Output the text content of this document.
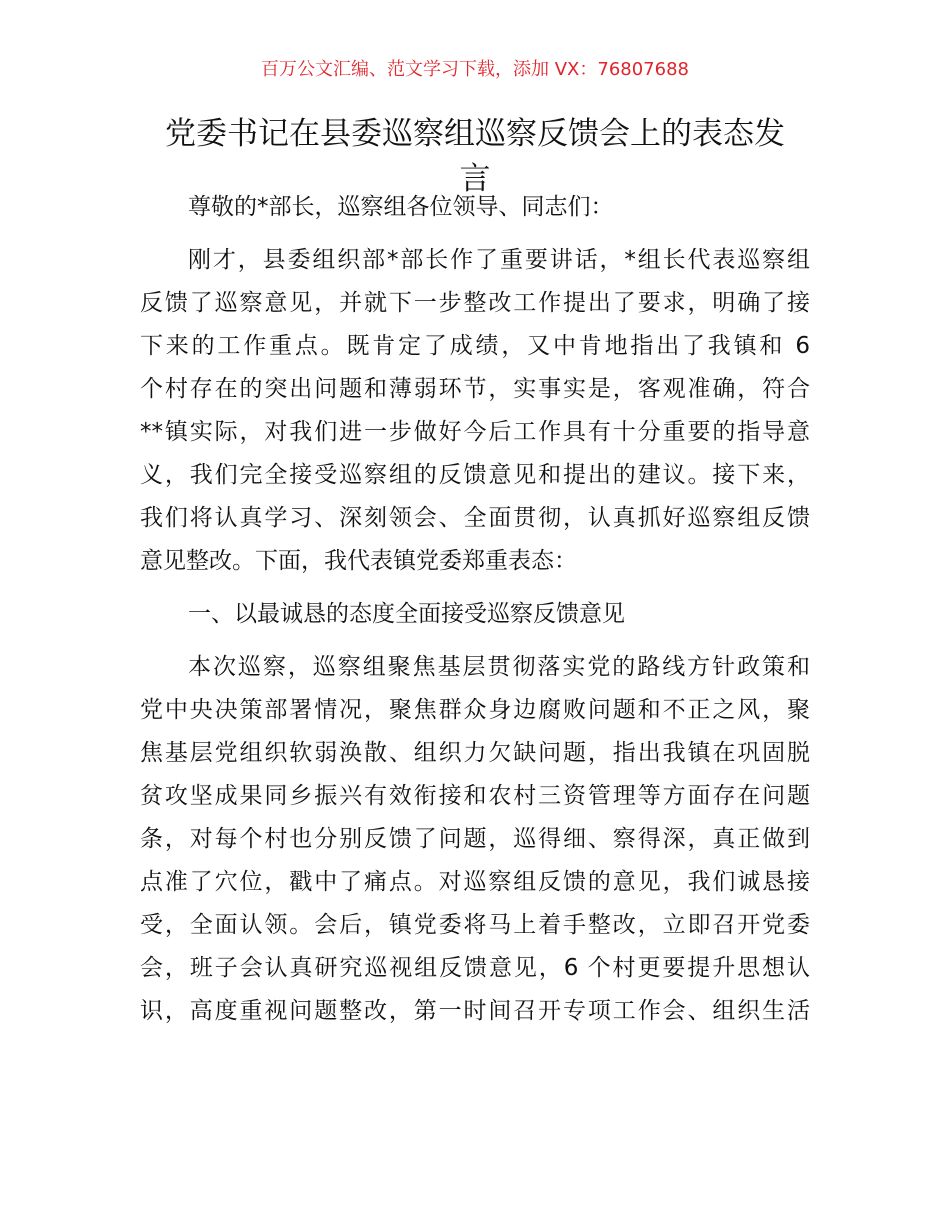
百万公文汇编、范文学习下载，添加 VX：76807688
党委书记在县委巡察组巡察反馈会上的表态发
言
尊敬的*部长，巡察组各位领导、同志们：
刚才，县委组织部*部长作了重要讲话，*组长代表巡察组
反馈了巡察意见，并就下一步整改工作提出了要求，明确了接
下来的工作重点。既肯定了成绩，又中肯地指出了我镇和 6
个村存在的突出问题和薄弱环节，实事实是，客观准确，符合
**镇实际，对我们进一步做好今后工作具有十分重要的指导意
义，我们完全接受巡察组的反馈意见和提出的建议。接下来，
我们将认真学习、深刻领会、全面贯彻，认真抓好巡察组反馈
意见整改。下面，我代表镇党委郑重表态：
一、以最诚恳的态度全面接受巡察反馈意见
本次巡察，巡察组聚焦基层贯彻落实党的路线方针政策和
党中央决策部署情况，聚焦群众身边腐败问题和不正之风，聚
焦基层党组织软弱涣散、组织力欠缺问题，指出我镇在巩固脱
贫攻坚成果同乡振兴有效衔接和农村三资管理等方面存在问题
条，对每个村也分别反馈了问题，巡得细、察得深，真正做到
点准了穴位，戳中了痛点。对巡察组反馈的意见，我们诚恳接
受，全面认领。会后，镇党委将马上着手整改，立即召开党委
会，班子会认真研究巡视组反馈意见，6 个村更要提升思想认
识，高度重视问题整改，第一时间召开专项工作会、组织生活
